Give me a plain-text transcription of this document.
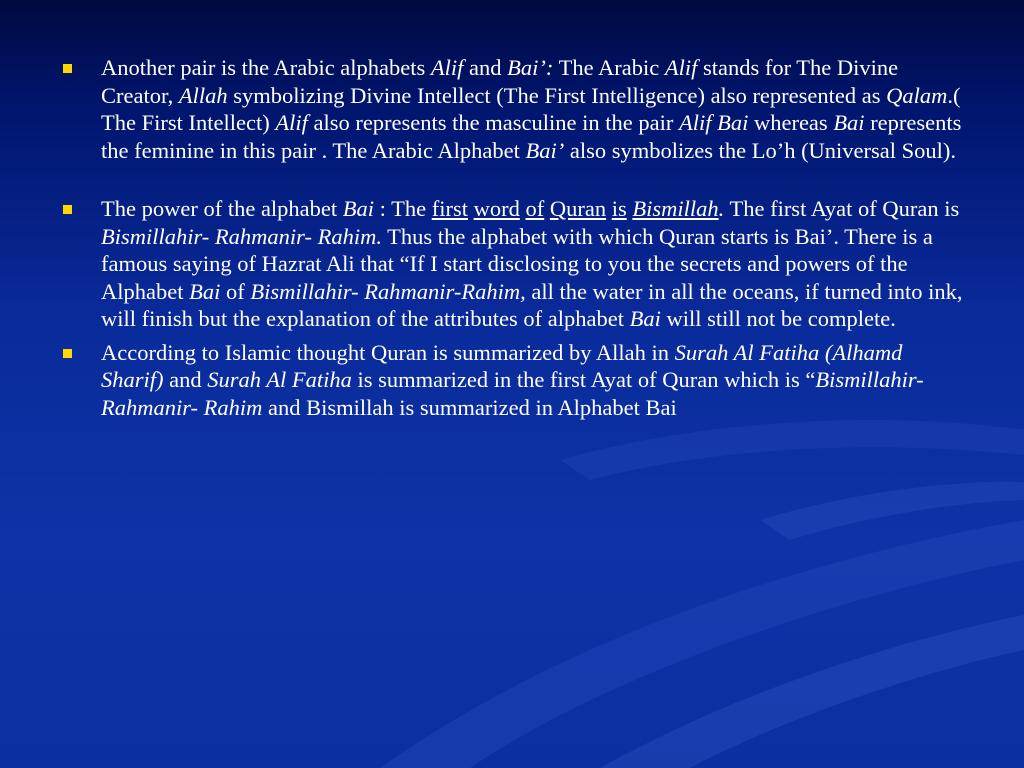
Another pair is the Arabic alphabets Alif and Bai’: The Arabic Alif stands for The Divine Creator, Allah symbolizing Divine Intellect (The First Intelligence) also represented as Qalam.( The First Intellect) Alif also represents the masculine in the pair Alif Bai whereas Bai represents the feminine in this pair . The Arabic Alphabet Bai’ also symbolizes the Lo’h (Universal Soul).
The power of the alphabet Bai : The first word of Quran is Bismillah. The first Ayat of Quran is Bismillahir- Rahmanir- Rahim. Thus the alphabet with which Quran starts is Bai’. There is a famous saying of Hazrat Ali that “If I start disclosing to you the secrets and powers of the Alphabet Bai of Bismillahir- Rahmanir-Rahim, all the water in all the oceans, if turned into ink, will finish but the explanation of the attributes of alphabet Bai will still not be complete.
According to Islamic thought Quran is summarized by Allah in Surah Al Fatiha (Alhamd Sharif) and Surah Al Fatiha is summarized in the first Ayat of Quran which is “Bismillahir- Rahmanir- Rahim and Bismillah is summarized in Alphabet Bai
